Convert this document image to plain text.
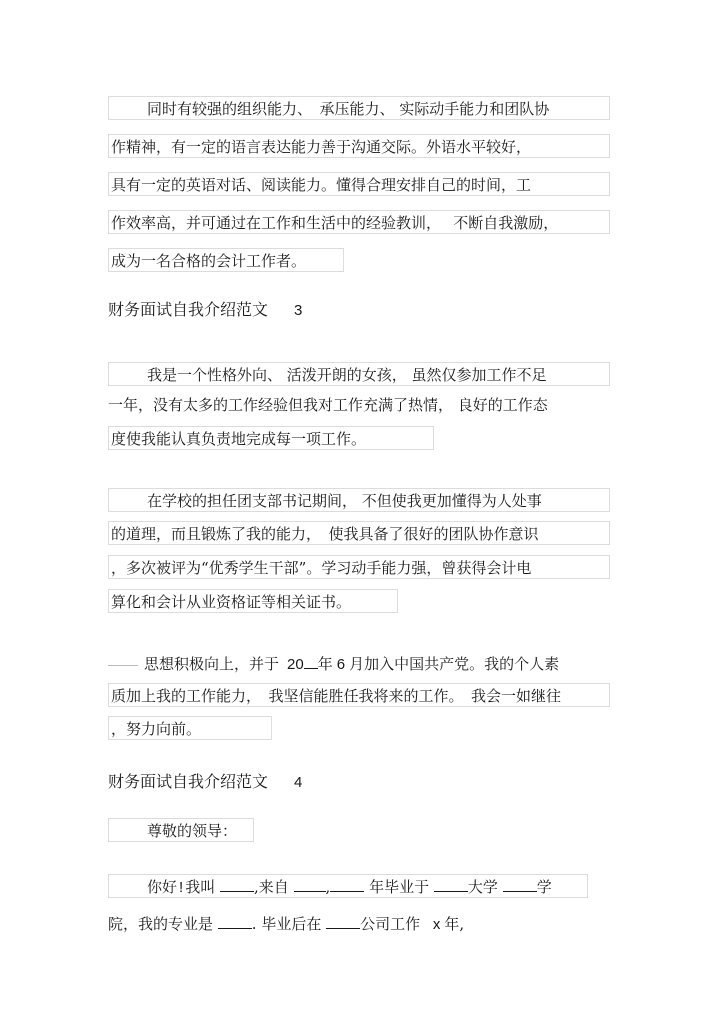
同时有较强的组织能力、　承压能力、 实际动手能力和团队协
作精神，有一定的语言表达能力善于沟通交际。外语水平较好，
具有一定的英语对话、阅读能力。懂得合理安排自己的时间，工
作效率高，并可通过在工作和生活中的经验教训，　 不断自我激励，
成为一名合格的会计工作者。
财务面试自我介绍范文 3
我是一个性格外向、 活泼开朗的女孩， 虽然仅参加工作不足
一年，没有太多的工作经验但我对工作充满了热情， 良好的工作态
度使我能认真负责地完成每一项工作。
在学校的担任团支部书记期间， 不但使我更加懂得为人处事
的道理，而且锻炼了我的能力，　使我具备了很好的团队协作意识
，多次被评为“优秀学生干部”。学习动手能力强，曾获得会计电
算化和会计从业资格证等相关证书。
思想积极向上，并于 20 年 6 月加入中国共产党。我的个人素
质加上我的工作能力，　我坚信能胜任我将来的工作。　我会一如继往
，努力向前。
财务面试自我介绍范文 4
尊敬的领导：
你好 ! 我叫	,来自 ,	年毕业于	大学	学
院，我的专业是	. 毕业后在	公司工作 x 年,
